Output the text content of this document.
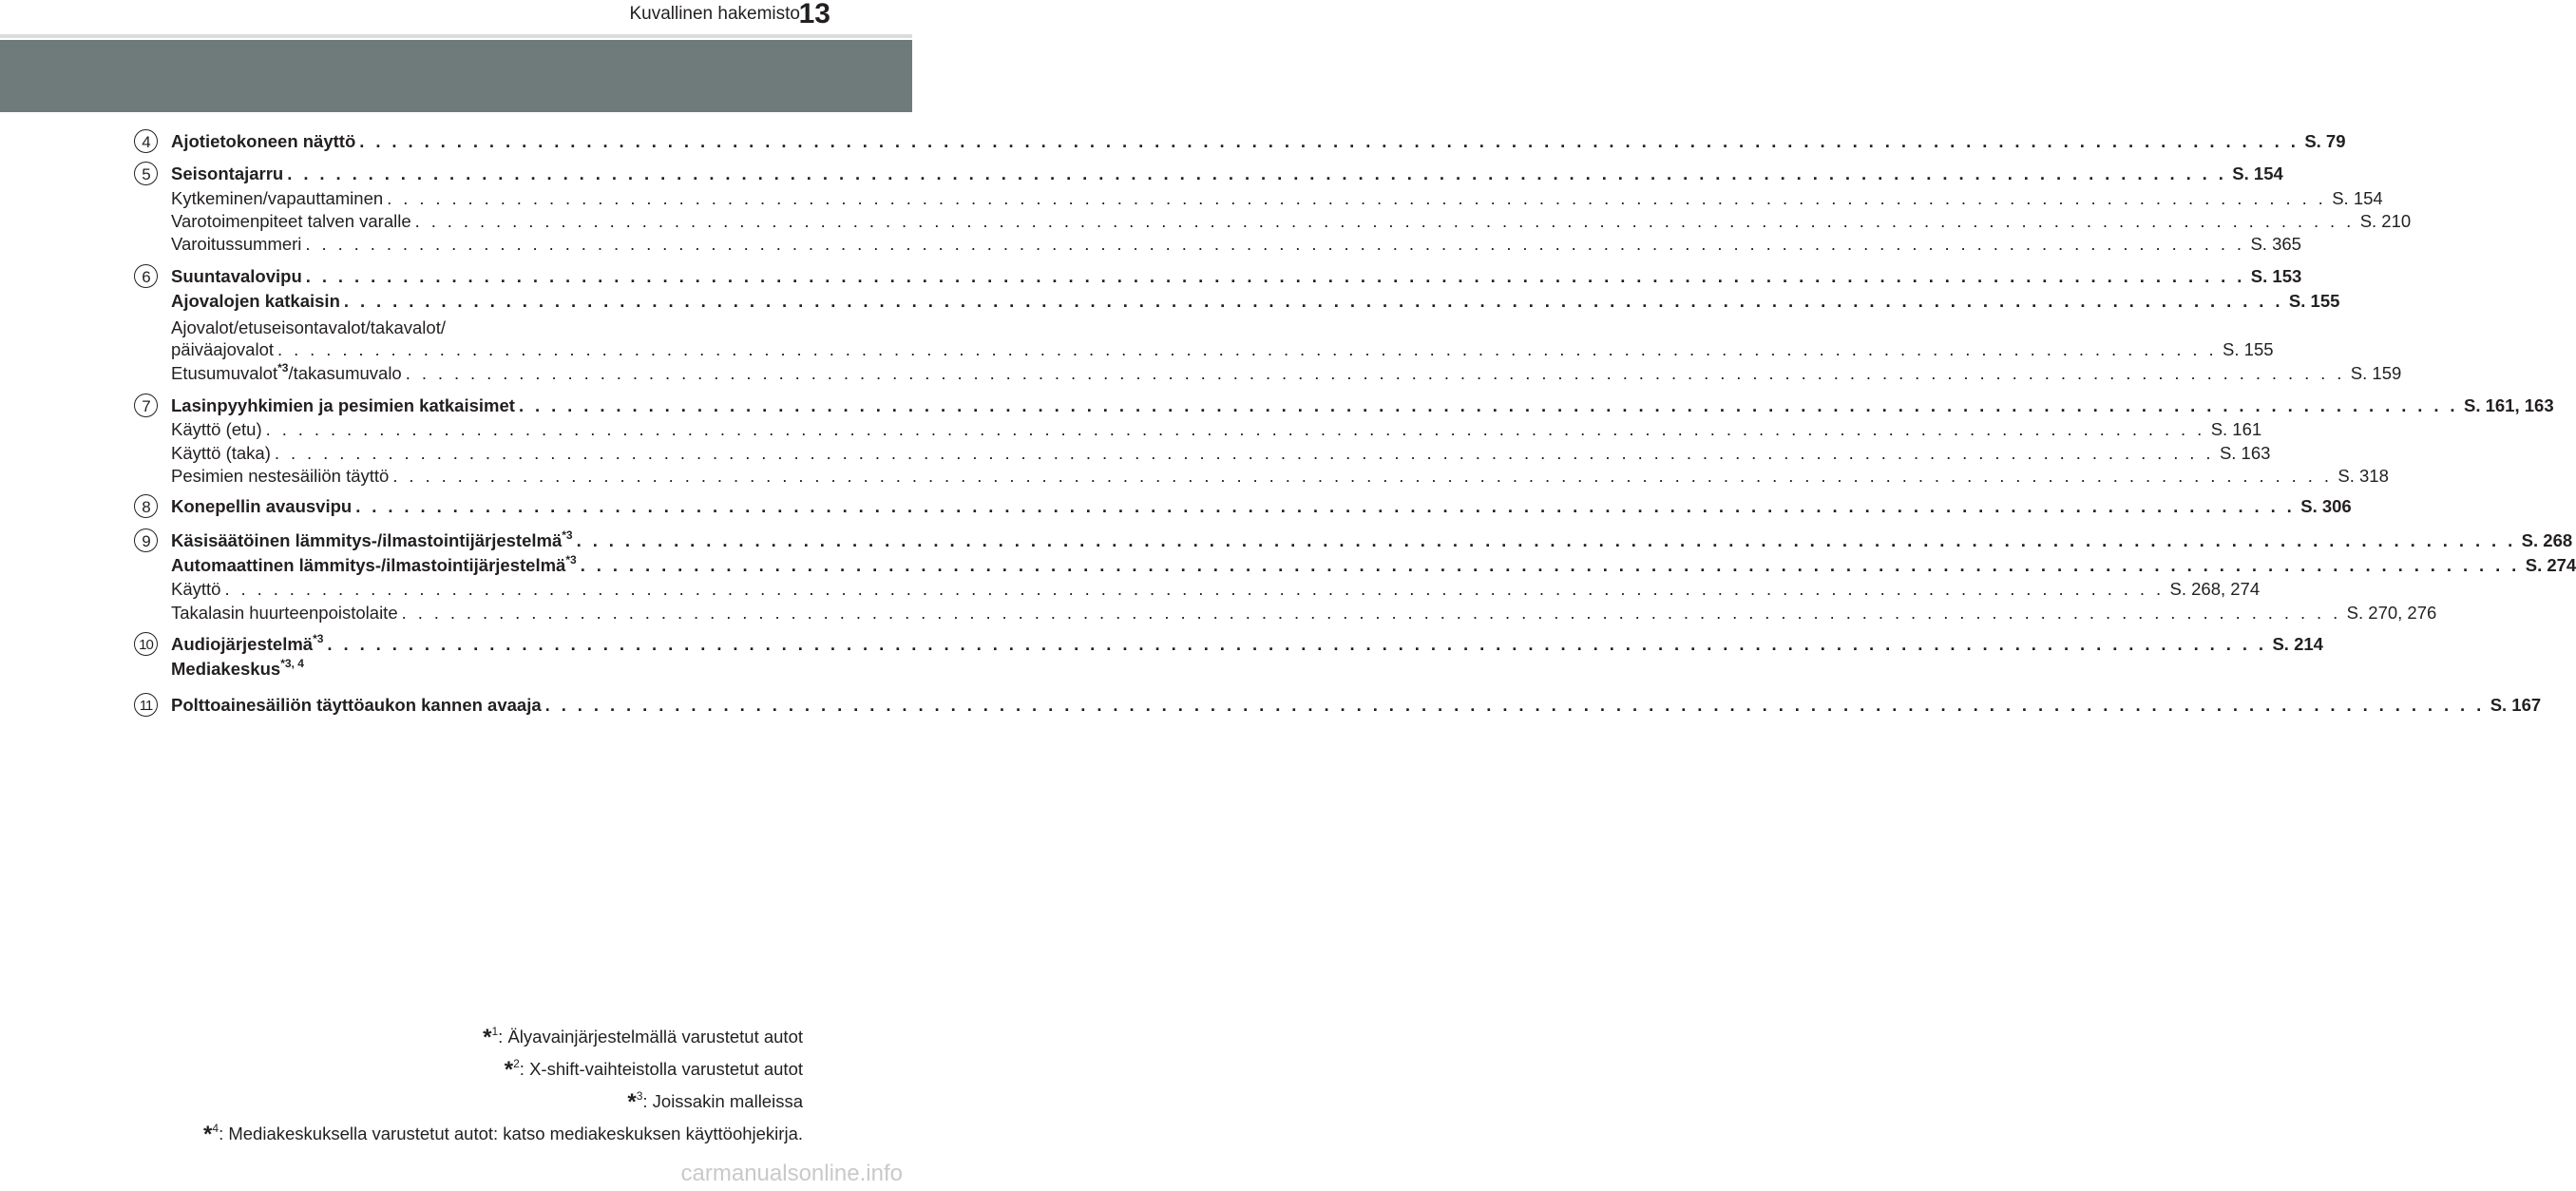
Kuvallinen hakemisto
13
4	Ajotietokoneen näyttö . . . . . . . . . . . . . . . . . . . . . . . . . . . . . . . . . . . . . . . . . . . . . . . . . . . . . . . . . . . . . . . . . . . . . . . . . . . . . . . . . . . . . . . . . . . . . . . . . . . . . . . . . . . . . . . . . . . . . . . . S. 79
5	Seisontajarru . . . . . . . . . . . . . . . . . . . . . . . . . . . . . . . . . . . . . . . . . . . . . . . . . . . . . . . . . . . . . . . . . . . . . . . . . . . . . . . . . . . . . . . . . . . . . . . . . . . . . . . . . . . . . . . . . . . . . . . . S. 154
Kytkeminen/vapauttaminen . . . . . . . . . . . . . . . . . . . . . . . . . . . . . . . . . . . . . . . . . . . . . . . . . . . . . . . . . . . . . . . . . . . . . . . . . . . . . . . . . . . . . . . . . . . . . . . . . . . . . . . . . . . . . . . . . . . . . . . . S. 154
Varotoimenpiteet talven varalle . . . . . . . . . . . . . . . . . . . . . . . . . . . . . . . . . . . . . . . . . . . . . . . . . . . . . . . . . . . . . . . . . . . . . . . . . . . . . . . . . . . . . . . . . . . . . . . . . . . . . . . . . . . . . . . . . . . . . . . . S. 210
Varoitussummeri . . . . . . . . . . . . . . . . . . . . . . . . . . . . . . . . . . . . . . . . . . . . . . . . . . . . . . . . . . . . . . . . . . . . . . . . . . . . . . . . . . . . . . . . . . . . . . . . . . . . . . . . . . . . . . . . . . . . . . . . S. 365
6	Suuntavalovipu . . . . . . . . . . . . . . . . . . . . . . . . . . . . . . . . . . . . . . . . . . . . . . . . . . . . . . . . . . . . . . . . . . . . . . . . . . . . . . . . . . . . . . . . . . . . . . . . . . . . . . . . . . . . . . . . . . . . . . . . S. 153
Ajovalojen katkaisin . . . . . . . . . . . . . . . . . . . . . . . . . . . . . . . . . . . . . . . . . . . . . . . . . . . . . . . . . . . . . . . . . . . . . . . . . . . . . . . . . . . . . . . . . . . . . . . . . . . . . . . . . . . . . . . . . . . . . . . . S. 155
Ajovalot/etuseisontavalot/takavalot/
päiväajovalot . . . . . . . . . . . . . . . . . . . . . . . . . . . . . . . . . . . . . . . . . . . . . . . . . . . . . . . . . . . . . . . . . . . . . . . . . . . . . . . . . . . . . . . . . . . . . . . . . . . . . . . . . . . . . . . . . . . . . . . . S. 155
Etusumuvalot$^{*3}$/takasumuvalo . . . . . . . . . . . . . . . . . . . . . . . . . . . . . . . . . . . . . . . . . . . . . . . . . . . . . . . . . . . . . . . . . . . . . . . . . . . . . . . . . . . . . . . . . . . . . . . . . . . . . . . . . . . . . . . . . . . . . . . . S. 159
7	Lasinpyyhkimien ja pesimien katkaisimet . . . . . . . . . . . . . . . . . . . . . . . . . . . . . . . . . . . . . . . . . . . . . . . . . . . . . . . . . . . . . . . . . . . . . . . . . . . . . . . . . . . . . . . . . . . . . . . . . . . . . . . . . . . . . . . . . . . . . . . . S. 161, 163
Käyttö (etu) . . . . . . . . . . . . . . . . . . . . . . . . . . . . . . . . . . . . . . . . . . . . . . . . . . . . . . . . . . . . . . . . . . . . . . . . . . . . . . . . . . . . . . . . . . . . . . . . . . . . . . . . . . . . . . . . . . . . . . . . S. 161
Käyttö (taka) . . . . . . . . . . . . . . . . . . . . . . . . . . . . . . . . . . . . . . . . . . . . . . . . . . . . . . . . . . . . . . . . . . . . . . . . . . . . . . . . . . . . . . . . . . . . . . . . . . . . . . . . . . . . . . . . . . . . . . . . S. 163
Pesimien nestesäiliön täyttö . . . . . . . . . . . . . . . . . . . . . . . . . . . . . . . . . . . . . . . . . . . . . . . . . . . . . . . . . . . . . . . . . . . . . . . . . . . . . . . . . . . . . . . . . . . . . . . . . . . . . . . . . . . . . . . . . . . . . . . . S. 318
8	Konepellin avausvipu . . . . . . . . . . . . . . . . . . . . . . . . . . . . . . . . . . . . . . . . . . . . . . . . . . . . . . . . . . . . . . . . . . . . . . . . . . . . . . . . . . . . . . . . . . . . . . . . . . . . . . . . . . . . . . . . . . . . . . . . S. 306
9	Käsisäätöinen lämmitys-/ilmastointijärjestelmä$^{*3}$ . . . . . . . . . . . . . . . . . . . . . . . . . . . . . . . . . . . . . . . . . . . . . . . . . . . . . . . . . . . . . . . . . . . . . . . . . . . . . . . . . . . . . . . . . . . . . . . . . . . . . . . . . . . . . . . . . . . . . . . . S. 268
Automaattinen lämmitys-/ilmastointijärjestelmä$^{*3}$ . . . . . . . . . . . . . . . . . . . . . . . . . . . . . . . . . . . . . . . . . . . . . . . . . . . . . . . . . . . . . . . . . . . . . . . . . . . . . . . . . . . . . . . . . . . . . . . . . . . . . . . . . . . . . . . . . . . . . . . . S. 274
Käyttö . . . . . . . . . . . . . . . . . . . . . . . . . . . . . . . . . . . . . . . . . . . . . . . . . . . . . . . . . . . . . . . . . . . . . . . . . . . . . . . . . . . . . . . . . . . . . . . . . . . . . . . . . . . . . . . . . . . . . . . . S. 268, 274
Takalasin huurteenpoistolaite . . . . . . . . . . . . . . . . . . . . . . . . . . . . . . . . . . . . . . . . . . . . . . . . . . . . . . . . . . . . . . . . . . . . . . . . . . . . . . . . . . . . . . . . . . . . . . . . . . . . . . . . . . . . . . . . . . . . . . . . S. 270, 276
10 Audiojärjestelmä$^{*3}$ . . . . . . . . . . . . . . . . . . . . . . . . . . . . . . . . . . . . . . . . . . . . . . . . . . . . . . . . . . . . . . . . . . . . . . . . . . . . . . . . . . . . . . . . . . . . . . . . . . . . . . . . . . . . . . . . . . . . . . . . S. 214
Mediakeskus$^{*3, 4}$
11	Polttoainesäiliön täyttöaukon kannen avaaja . . . . . . . . . . . . . . . . . . . . . . . . . . . . . . . . . . . . . . . . . . . . . . . . . . . . . . . . . . . . . . . . . . . . . . . . . . . . . . . . . . . . . . . . . . . . . . . . . . . . . . . . . . . . . . . . . . . . . . . . S. 167
*$^1$: Älyavainjärjestelmällä varustetut autot
*$^2$: X-shift-vaihteistolla varustetut autot
*$^3$: Joissakin malleissa
*$^4$: Mediakeskuksella varustetut autot: katso mediakeskuksen käyttöohjekirja.
carmanualsonline.info
